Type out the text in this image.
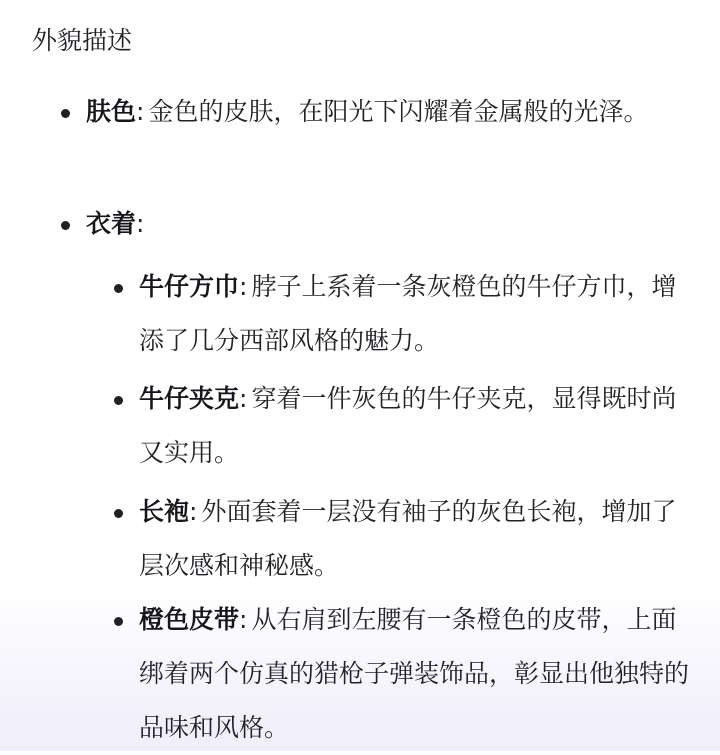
外貌描述
肤色: 金色的皮肤，在阳光下闪耀着金属般的光泽。
衣着:
牛仔方巾: 脖子上系着一条灰橙色的牛仔方巾，增添了几分西部风格的魅力。
牛仔夹克: 穿着一件灰色的牛仔夹克，显得既时尚又实用。
长袍: 外面套着一层没有袖子的灰色长袍，增加了层次感和神秘感。
橙色皮带: 从右肩到左腰有一条橙色的皮带，上面绑着两个仿真的猎枪子弹装饰品，彰显出他独特的品味和风格。
